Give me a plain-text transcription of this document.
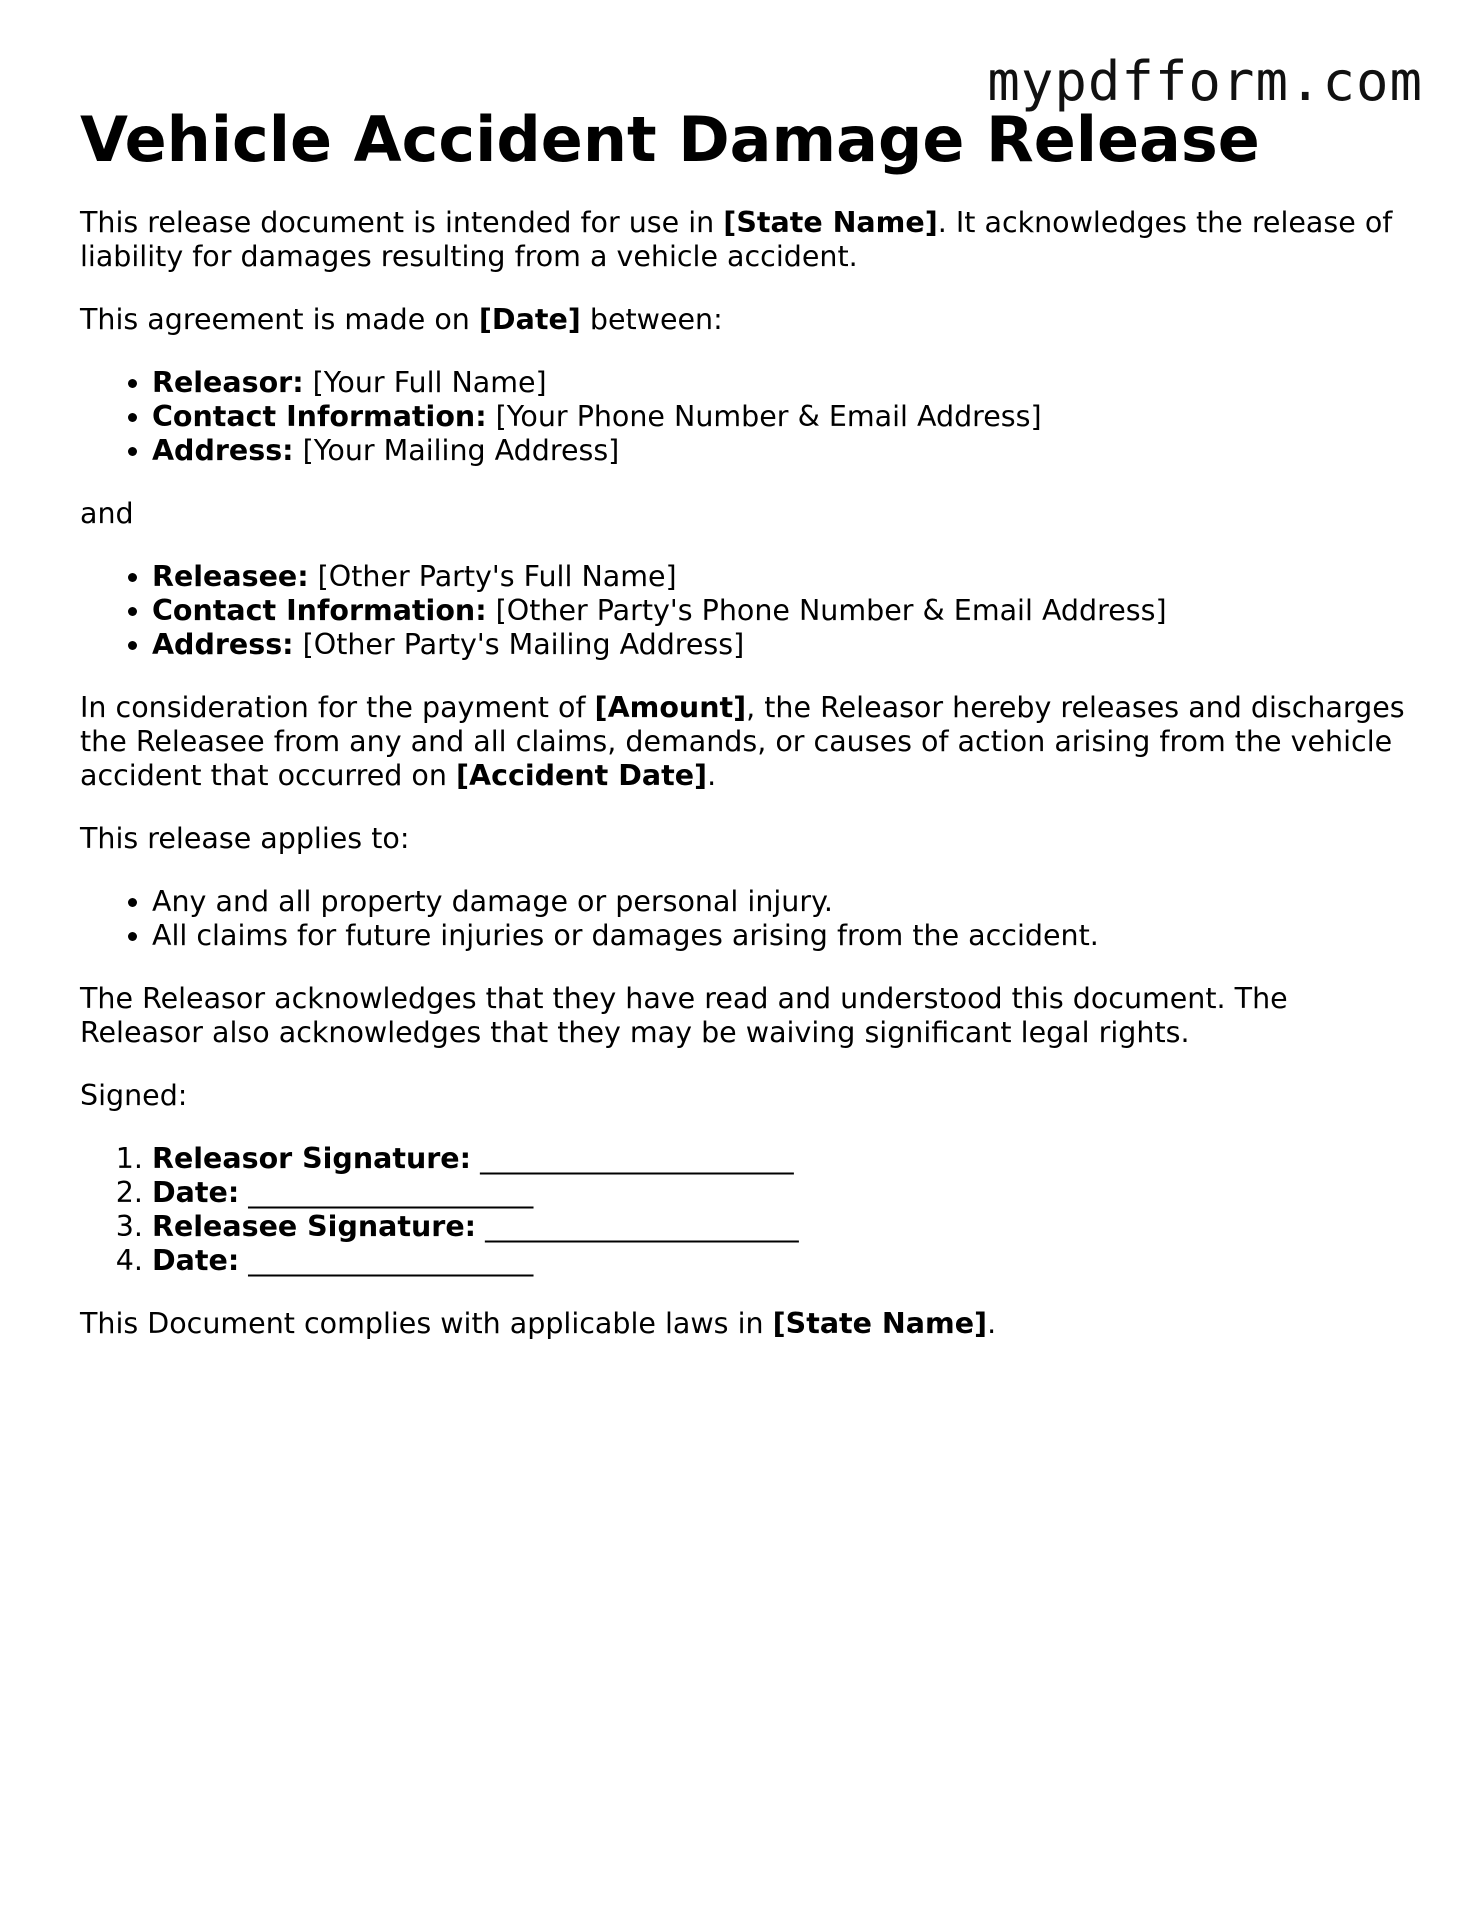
mypdfform.com
Vehicle Accident Damage Release

This release document is intended for use in [State Name]. It acknowledges the release of liability for damages resulting from a vehicle accident.

This agreement is made on [Date] between:

• Releasor: [Your Full Name]
• Contact Information: [Your Phone Number & Email Address]
• Address: [Your Mailing Address]

and

• Releasee: [Other Party's Full Name]
• Contact Information: [Other Party's Phone Number & Email Address]
• Address: [Other Party's Mailing Address]

In consideration for the payment of [Amount], the Releasor hereby releases and discharges the Releasee from any and all claims, demands, or causes of action arising from the vehicle accident that occurred on [Accident Date].

This release applies to:

• Any and all property damage or personal injury.
• All claims for future injuries or damages arising from the accident.

The Releasor acknowledges that they have read and understood this document. The Releasor also acknowledges that they may be waiving significant legal rights.

Signed:

1. Releasor Signature: ______________________
2. Date: ____________________
3. Releasee Signature: ______________________
4. Date: ____________________

This Document complies with applicable laws in [State Name].
